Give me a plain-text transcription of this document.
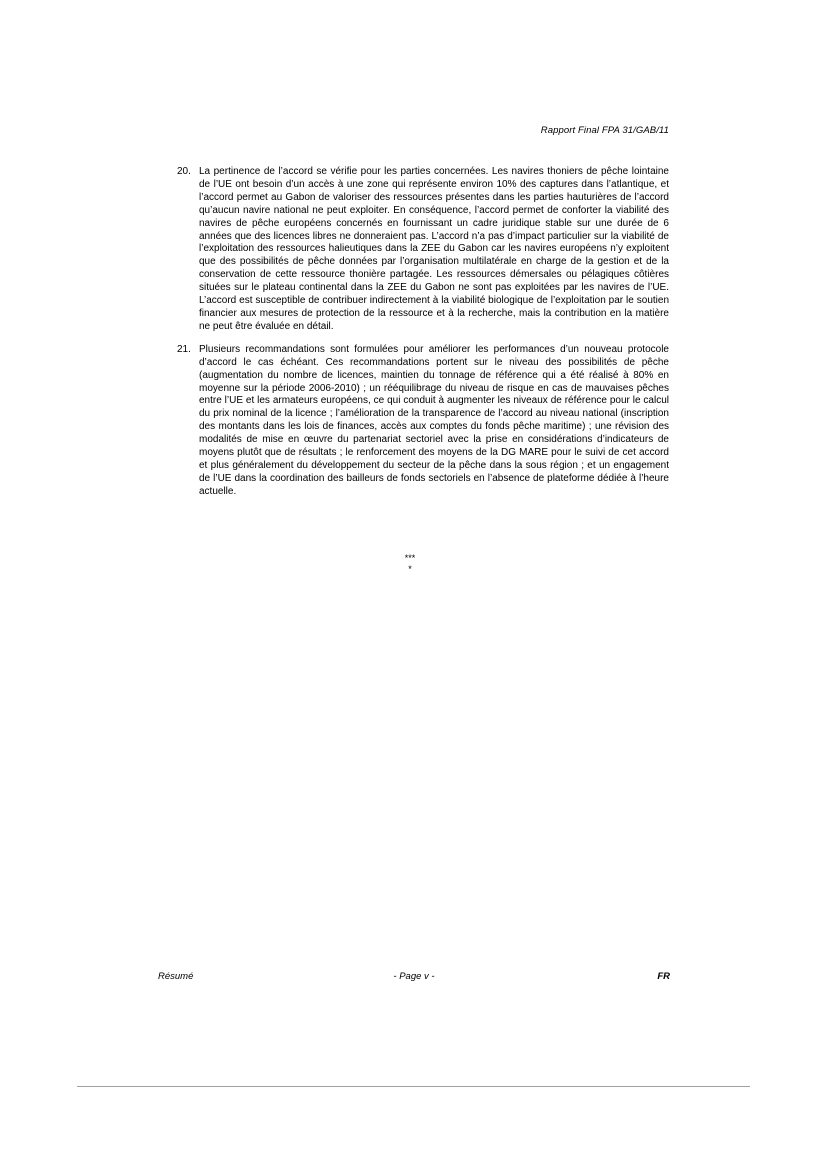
Rapport Final FPA 31/GAB/11
20. La pertinence de l’accord se vérifie pour les parties concernées. Les navires thoniers de pêche lointaine de l’UE ont besoin d’un accès à une zone qui représente environ 10% des captures dans l’atlantique, et l’accord permet au Gabon de valoriser des ressources présentes dans les parties hauturières de l’accord qu’aucun navire national ne peut exploiter. En conséquence, l’accord permet de conforter la viabilité des navires de pêche européens concernés en fournissant un cadre juridique stable sur une durée de 6 années que des licences libres ne donneraient pas. L’accord n’a pas d’impact particulier sur la viabilité de l’exploitation des ressources halieutiques dans la ZEE du Gabon car les navires européens n’y exploitent que des possibilités de pêche données par l’organisation multilatérale en charge de la gestion et de la conservation de cette ressource thonière partagée. Les ressources démersales ou pélagiques côtières situées sur le plateau continental dans la ZEE du Gabon ne sont pas exploitées par les navires de l’UE. L’accord est susceptible de contribuer indirectement à la viabilité biologique de l’exploitation par le soutien financier aux mesures de protection de la ressource et à la recherche, mais la contribution en la matière ne peut être évaluée en détail.
21. Plusieurs recommandations sont formulées pour améliorer les performances d’un nouveau protocole d’accord le cas échéant. Ces recommandations portent sur le niveau des possibilités de pêche (augmentation du nombre de licences, maintien du tonnage de référence qui a été réalisé à 80% en moyenne sur la période 2006-2010) ; un rééquilibrage du niveau de risque en cas de mauvaises pêches entre l’UE et les armateurs européens, ce qui conduit à augmenter les niveaux de référence pour le calcul du prix nominal de la licence ; l’amélioration de la transparence de l’accord au niveau national (inscription des montants dans les lois de finances, accès aux comptes du fonds pêche maritime) ; une révision des modalités de mise en œuvre du partenariat sectoriel avec la prise en considérations d’indicateurs de moyens plutôt que de résultats ; le renforcement des moyens de la DG MARE pour le suivi de cet accord et plus généralement du développement du secteur de la pêche dans la sous région ; et un engagement de l’UE dans la coordination des bailleurs de fonds sectoriels en l’absence de plateforme dédiée à l’heure actuelle.
***
*
Résumé	- Page v -	FR
